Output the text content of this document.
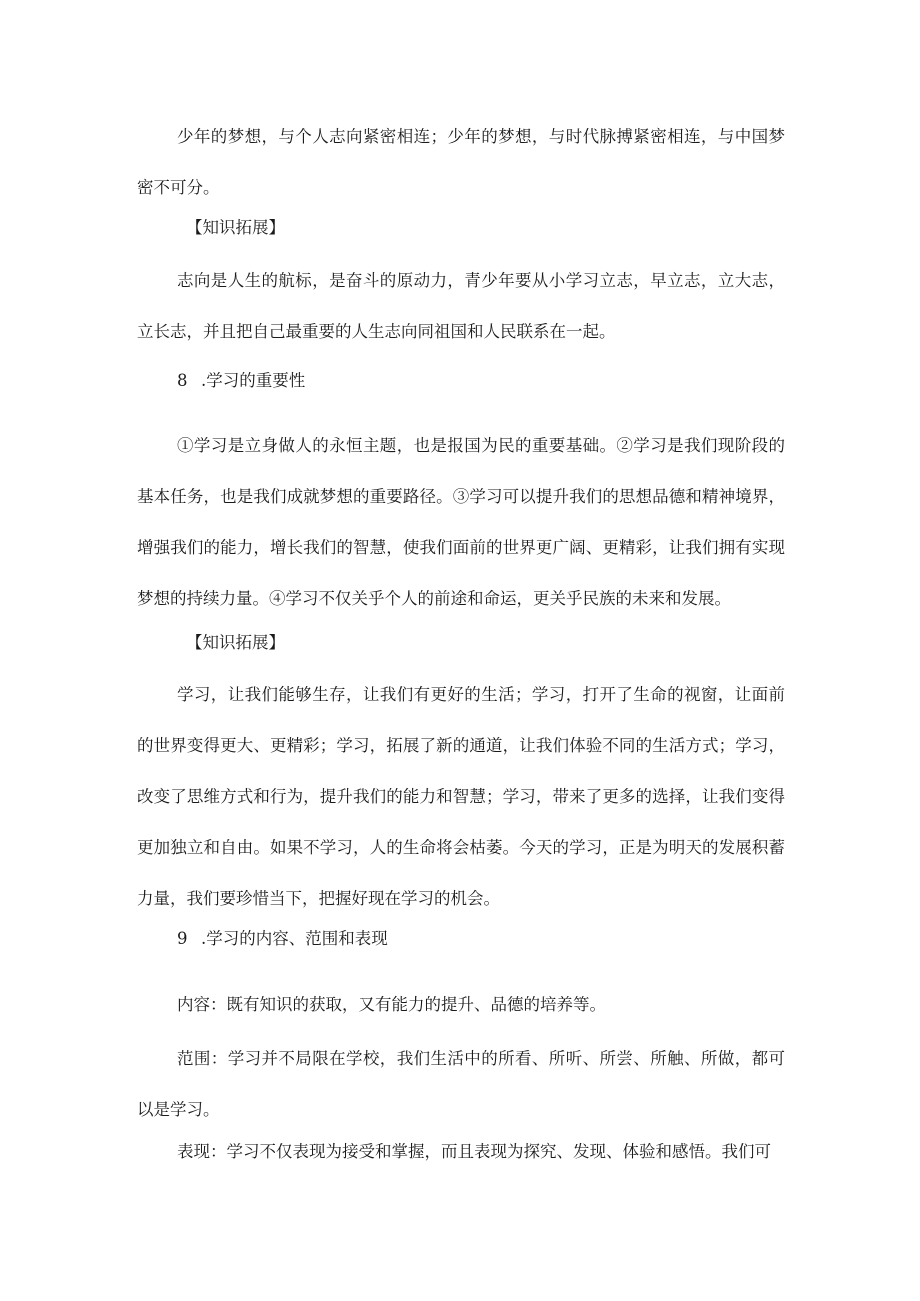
少年的梦想，与个人志向紧密相连；少年的梦想，与时代脉搏紧密相连，与中国梦密不可分。

【知识拓展】

志向是人生的航标，是奋斗的原动力，青少年要从小学习立志，早立志，立大志，立长志，并且把自己最重要的人生志向同祖国和人民联系在一起。

8 .学习的重要性

①学习是立身做人的永恒主题，也是报国为民的重要基础。②学习是我们现阶段的基本任务，也是我们成就梦想的重要路径。③学习可以提升我们的思想品德和精神境界，增强我们的能力，增长我们的智慧，使我们面前的世界更广阔、更精彩，让我们拥有实现梦想的持续力量。④学习不仅关乎个人的前途和命运，更关乎民族的未来和发展。

【知识拓展】

学习，让我们能够生存，让我们有更好的生活；学习，打开了生命的视窗，让面前的世界变得更大、更精彩；学习，拓展了新的通道，让我们体验不同的生活方式；学习，改变了思维方式和行为，提升我们的能力和智慧；学习，带来了更多的选择，让我们变得更加独立和自由。如果不学习，人的生命将会枯萎。今天的学习，正是为明天的发展积蓄力量，我们要珍惜当下，把握好现在学习的机会。

9 .学习的内容、范围和表现

内容：既有知识的获取，又有能力的提升、品德的培养等。

范围：学习并不局限在学校，我们生活中的所看、所听、所尝、所触、所做，都可以是学习。

表现：学习不仅表现为接受和掌握，而且表现为探究、发现、体验和感悟。我们可
